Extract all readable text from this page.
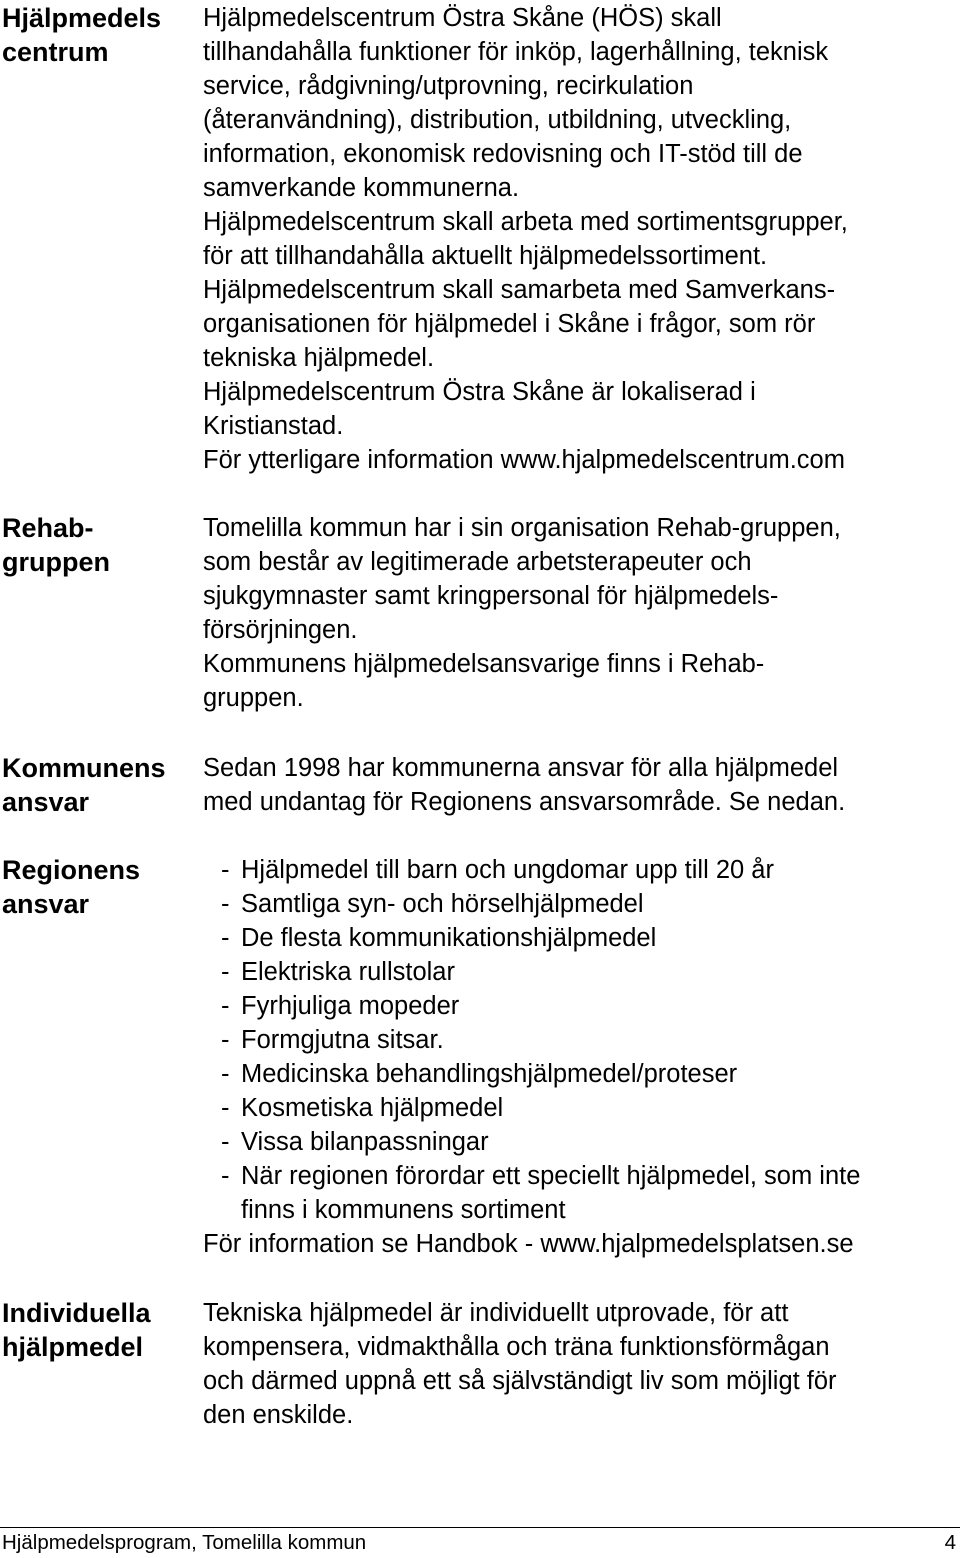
Hjälpmedels
centrum
Hjälpmedelscentrum Östra Skåne (HÖS) skall
tillhandahålla funktioner för inköp, lagerhållning, teknisk
service, rådgivning/utprovning, recirkulation
(återanvändning), distribution, utbildning, utveckling,
information, ekonomisk redovisning och IT-stöd till de
samverkande kommunerna.
Hjälpmedelscentrum skall arbeta med sortimentsgrupper,
för att tillhandahålla aktuellt hjälpmedelssortiment.
Hjälpmedelscentrum skall samarbeta med Samverkans-
organisationen för hjälpmedel i Skåne i frågor, som rör
tekniska hjälpmedel.
Hjälpmedelscentrum Östra Skåne är lokaliserad i
Kristianstad.
För ytterligare information www.hjalpmedelscentrum.com
Rehab-
gruppen
Tomelilla kommun har i sin organisation Rehab-gruppen,
som består av legitimerade arbetsterapeuter och
sjukgymnaster samt kringpersonal för hjälpmedels-
försörjningen.
Kommunens hjälpmedelsansvarige finns i Rehab-
gruppen.
Kommunens
ansvar
Sedan 1998 har kommunerna ansvar för alla hjälpmedel
med undantag för Regionens ansvarsområde. Se nedan.
Regionens
ansvar
- Hjälpmedel till barn och ungdomar upp till 20 år
- Samtliga syn- och hörselhjälpmedel
- De flesta kommunikationshjälpmedel
- Elektriska rullstolar
- Fyrhjuliga mopeder
- Formgjutna sitsar.
- Medicinska behandlingshjälpmedel/proteser
- Kosmetiska hjälpmedel
- Vissa bilanpassningar
- När regionen förordar ett speciellt hjälpmedel, som inte
finns i kommunens sortiment
För information se Handbok - www.hjalpmedelsplatsen.se
Individuella
hjälpmedel
Tekniska hjälpmedel är individuellt utprovade, för att
kompensera, vidmakthålla och träna funktionsförmågan
och därmed uppnå ett så självständigt liv som möjligt för
den enskilde.
Hjälpmedelsprogram, Tomelilla kommun	4
